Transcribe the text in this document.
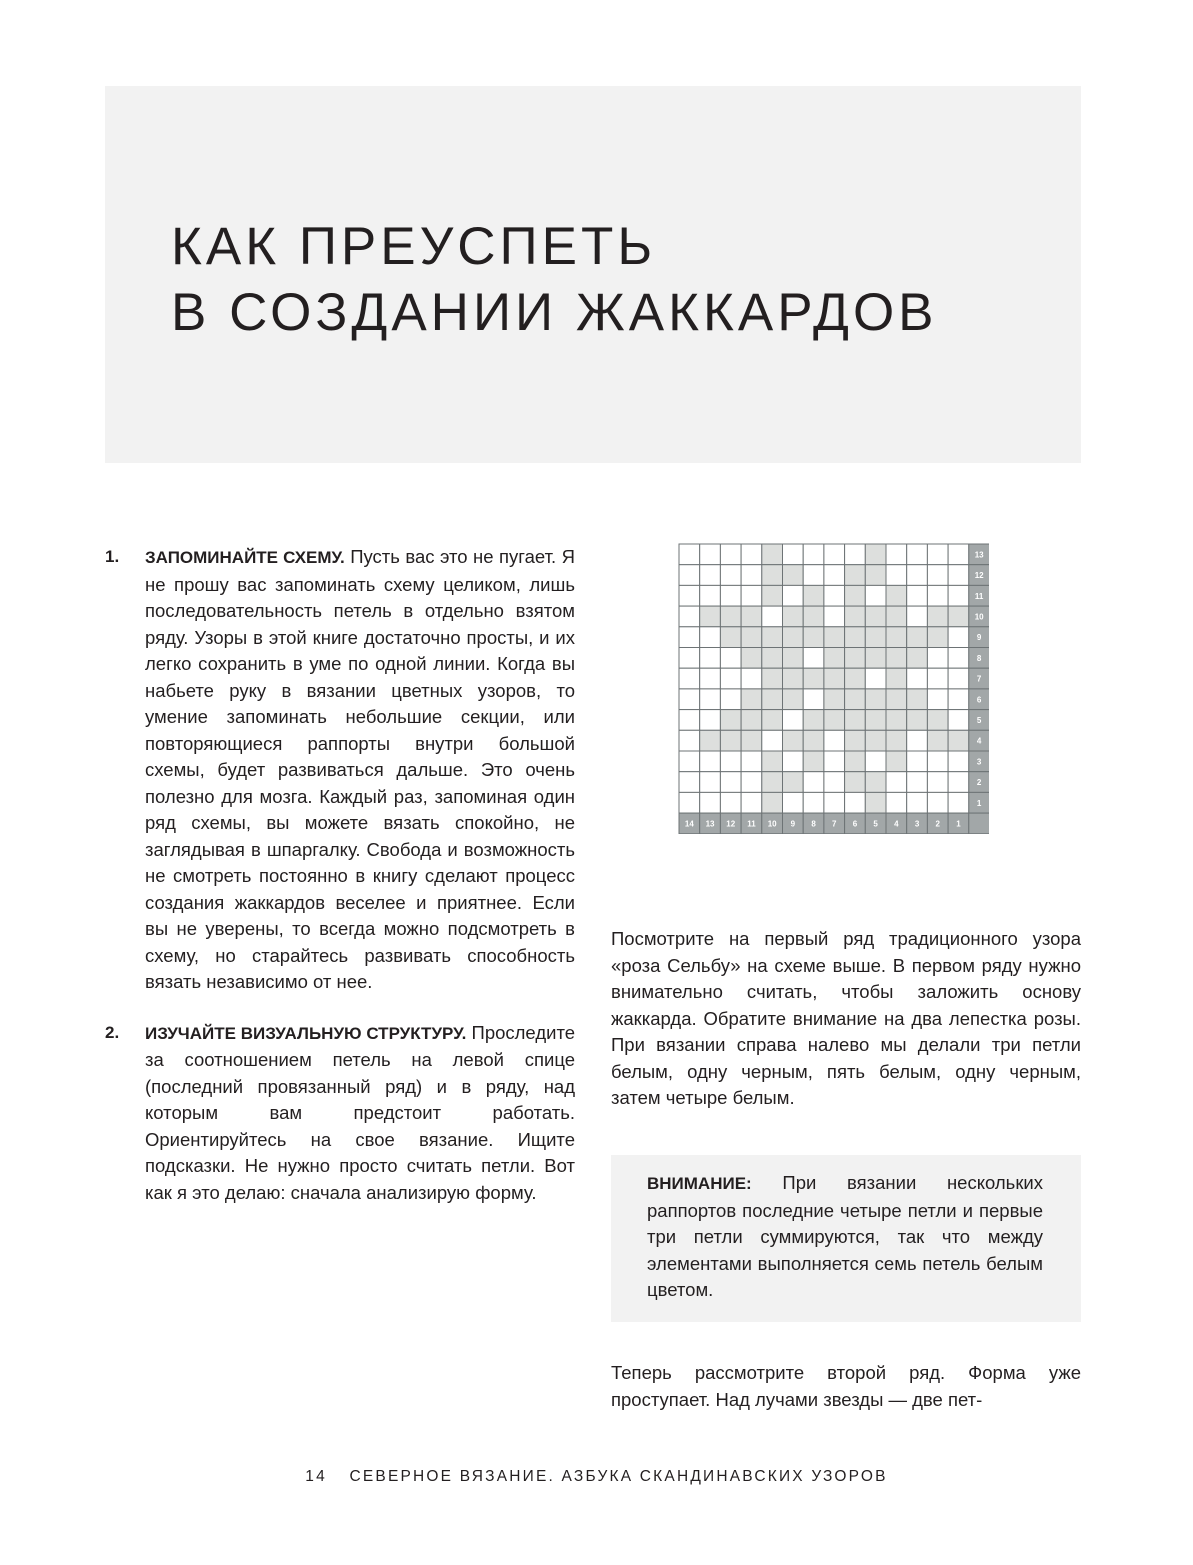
КАК ПРЕУСПЕТЬ
В СОЗДАНИИ ЖАККАРДОВ
1. ЗАПОМИНАЙТЕ СХЕМУ. Пусть вас это не пугает. Я не прошу вас запоминать схему целиком, лишь последовательность петель в отдельно взятом ряду. Узоры в этой книге достаточно просты, и их легко сохранить в уме по одной линии. Когда вы набьете руку в вязании цветных узоров, то умение запоминать небольшие секции, или повторяющиеся раппорты внутри большой схемы, будет развиваться дальше. Это очень полезно для мозга. Каждый раз, запоминая один ряд схемы, вы можете вязать спокойно, не заглядывая в шпаргалку. Свобода и возможность не смотреть постоянно в книгу сделают процесс создания жаккардов веселее и приятнее. Если вы не уверены, то всегда можно подсмотреть в схему, но старайтесь развивать способность вязать независимо от нее.

2. ИЗУЧАЙТЕ ВИЗУАЛЬНУЮ СТРУКТУРУ. Проследите за соотношением петель на левой спице (последний провязанный ряд) и в ряду, над которым вам предстоит работать. Ориентируйтесь на свое вязание. Ищите подсказки. Не нужно просто считать петли. Вот как я это делаю: сначала анализирую форму.

13
12
11
10
9
8
7
6
5
4
3
2
1
14 13 12 11 10 9 8 7 6 5 4 3 2 1

Посмотрите на первый ряд традиционного узора «роза Сельбу» на схеме выше. В первом ряду нужно внимательно считать, чтобы заложить основу жаккарда. Обратите внимание на два лепестка розы. При вязании справа налево мы делали три петли белым, одну черным, пять белым, одну черным, затем четыре белым.

ВНИМАНИЕ: При вязании нескольких раппортов последние четыре петли и первые три петли суммируются, так что между элементами выполняется семь петель белым цветом.

Теперь рассмотрите второй ряд. Форма уже проступает. Над лучами звезды — две пет-

14 СЕВЕРНОЕ ВЯЗАНИЕ. АЗБУКА СКАНДИНАВСКИХ УЗОРОВ
